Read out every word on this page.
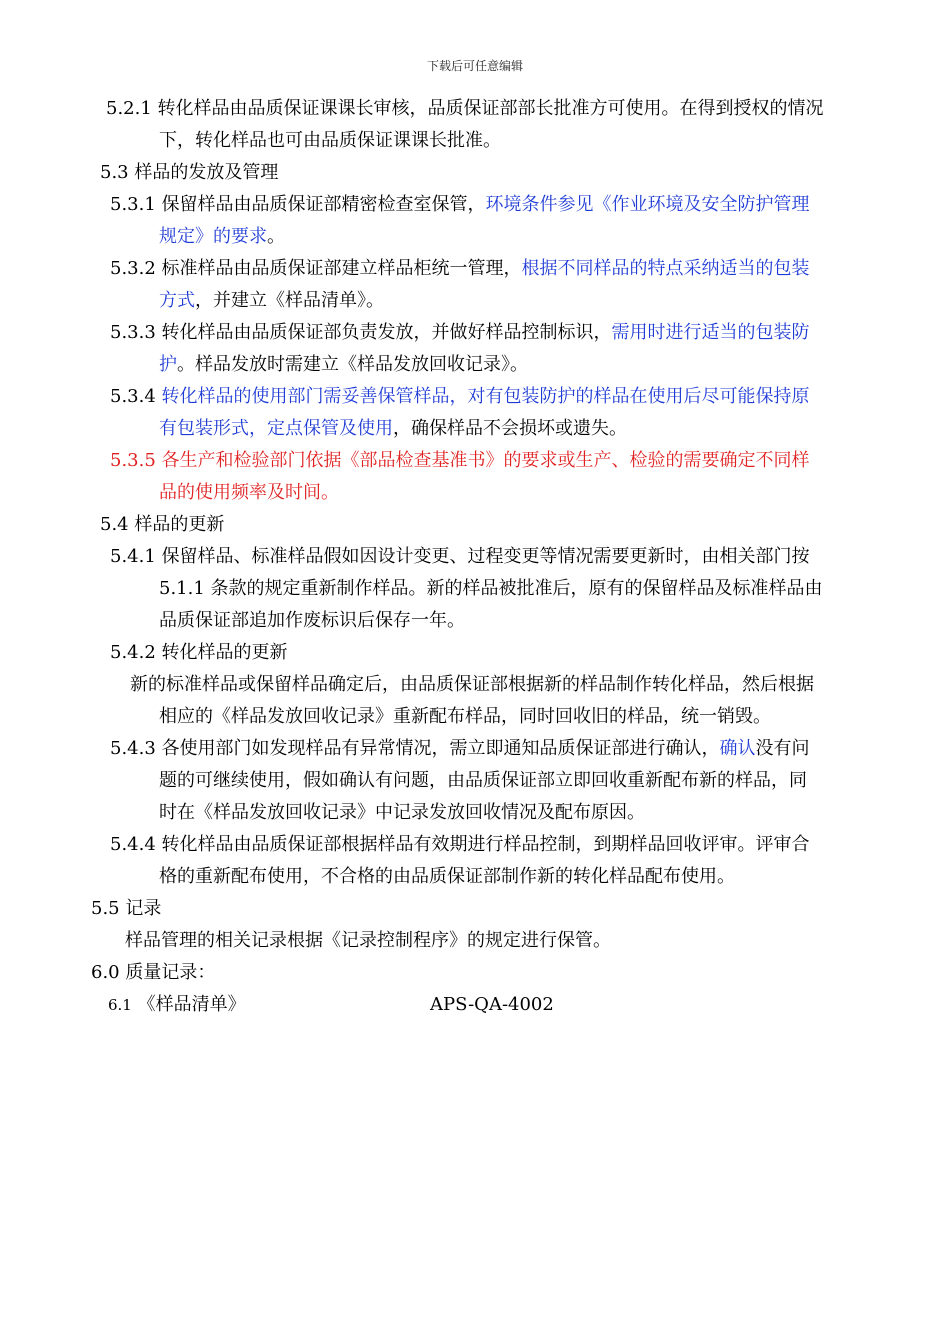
下载后可任意编辑

5.2.1 转化样品由品质保证课课长审核，品质保证部部长批准方可使用。在得到授权的情况

下，转化样品也可由品质保证课课长批准。

5.3 样品的发放及管理

5.3.1 保留样品由品质保证部精密检查室保管，环境条件参见《作业环境及安全防护管理

规定》的要求。

5.3.2 标准样品由品质保证部建立样品柜统一管理，根据不同样品的特点采纳适当的包装

方式，并建立《样品清单》。

5.3.3 转化样品由品质保证部负责发放，并做好样品控制标识，需用时进行适当的包装防

护。样品发放时需建立《样品发放回收记录》。

5.3.4 转化样品的使用部门需妥善保管样品，对有包装防护的样品在使用后尽可能保持原

有包装形式，定点保管及使用，确保样品不会损坏或遗失。

5.3.5 各生产和检验部门依据《部品检查基准书》的要求或生产、检验的需要确定不同样

品的使用频率及时间。

5.4 样品的更新

5.4.1 保留样品、标准样品假如因设计变更、过程变更等情况需要更新时，由相关部门按

5.1.1 条款的规定重新制作样品。新的样品被批准后，原有的保留样品及标准样品由

品质保证部追加作废标识后保存一年。

5.4.2 转化样品的更新

新的标准样品或保留样品确定后，由品质保证部根据新的样品制作转化样品，然后根据

相应的《样品发放回收记录》重新配布样品，同时回收旧的样品，统一销毁。

5.4.3 各使用部门如发现样品有异常情况，需立即通知品质保证部进行确认，确认没有问

题的可继续使用，假如确认有问题，由品质保证部立即回收重新配布新的样品，同

时在《样品发放回收记录》中记录发放回收情况及配布原因。

5.4.4 转化样品由品质保证部根据样品有效期进行样品控制，到期样品回收评审。评审合

格的重新配布使用，不合格的由品质保证部制作新的转化样品配布使用。

5.5 记录

样品管理的相关记录根据《记录控制程序》的规定进行保管。

6.0 质量记录：

6.1 《样品清单》	APS-QA-4002
